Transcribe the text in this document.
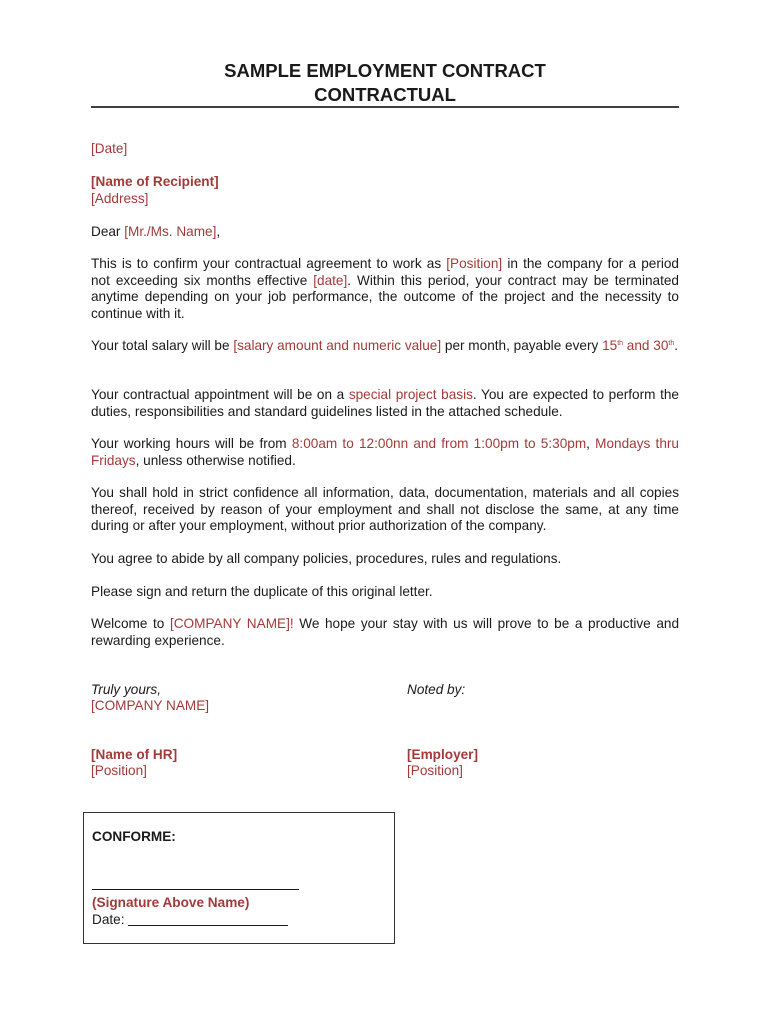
SAMPLE EMPLOYMENT CONTRACT
CONTRACTUAL

[Date]

[Name of Recipient]

[Address]

Dear [Mr./Ms. Name],

This is to confirm your contractual agreement to work as [Position] in the company for a period not exceeding six months effective [date]. Within this period, your contract may be terminated anytime depending on your job performance, the outcome of the project and the necessity to continue with it.

Your total salary will be [salary amount and numeric value] per month, payable every 15th and 30th.

Your contractual appointment will be on a special project basis. You are expected to perform the duties, responsibilities and standard guidelines listed in the attached schedule.

Your working hours will be from 8:00am to 12:00nn and from 1:00pm to 5:30pm, Mondays thru Fridays, unless otherwise notified.

You shall hold in strict confidence all information, data, documentation, materials and all copies thereof, received by reason of your employment and shall not disclose the same, at any time during or after your employment, without prior authorization of the company.

You agree to abide by all company policies, procedures, rules and regulations.

Please sign and return the duplicate of this original letter.

Welcome to [COMPANY NAME]! We hope your stay with us will prove to be a productive and rewarding experience.

Truly yours,

[COMPANY NAME]

[Name of HR]

[Position]

Noted by:
[Employer]
[Position]
CONFORME:
(Signature Above Name)
Date:
